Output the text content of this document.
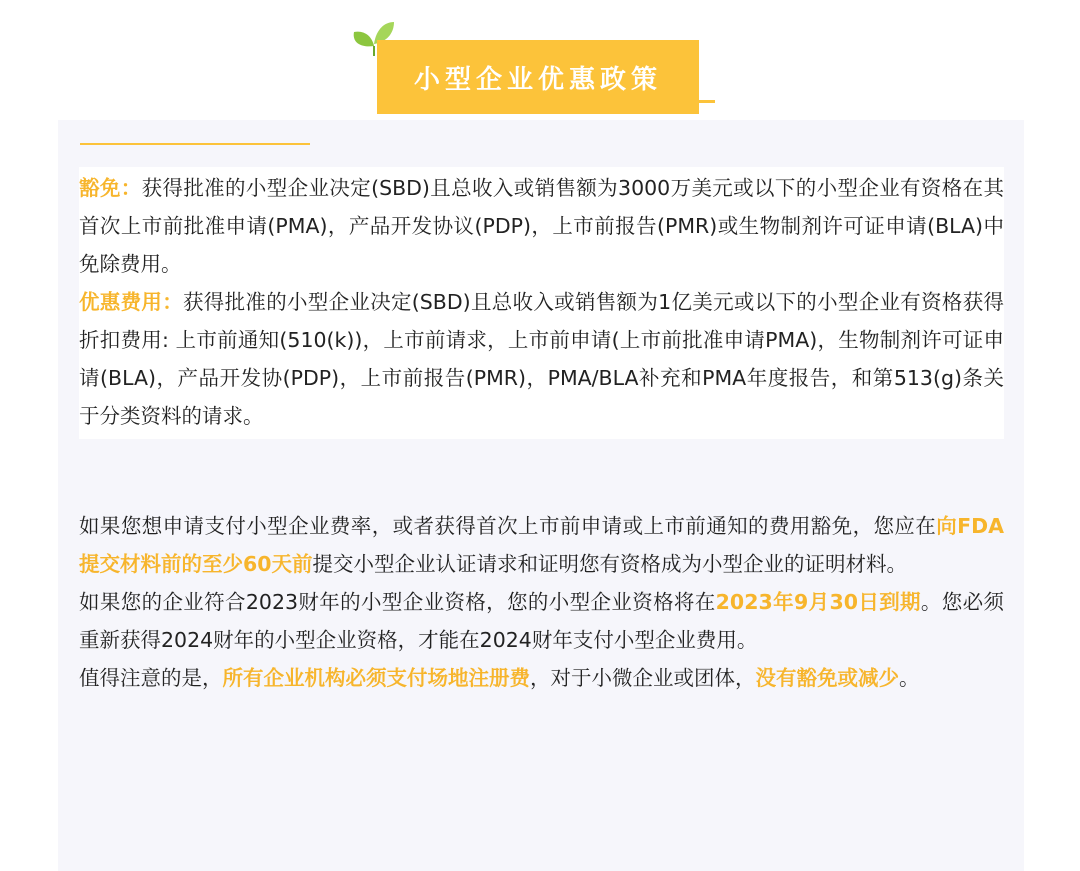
小型企业优惠政策

豁免：获得批准的小型企业决定(SBD)且总收入或销售额为3000万美元或以下的小型企业有资格在其首次上市前批准申请(PMA)，产品开发协议(PDP)，上市前报告(PMR)或生物制剂许可证申请(BLA)中免除费用。

优惠费用：获得批准的小型企业决定(SBD)且总收入或销售额为1亿美元或以下的小型企业有资格获得折扣费用: 上市前通知(510(k))，上市前请求，上市前申请(上市前批准申请PMA)，生物制剂许可证申请(BLA)，产品开发协(PDP)，上市前报告(PMR)，PMA/BLA补充和PMA年度报告，和第513(g)条关于分类资料的请求。

如果您想申请支付小型企业费率，或者获得首次上市前申请或上市前通知的费用豁免，您应在向FDA提交材料前的至少60天前提交小型企业认证请求和证明您有资格成为小型企业的证明材料。

如果您的企业符合2023财年的小型企业资格，您的小型企业资格将在2023年9月30日到期。您必须重新获得2024财年的小型企业资格，才能在2024财年支付小型企业费用。

值得注意的是，所有企业机构必须支付场地注册费，对于小微企业或团体，没有豁免或减少。
